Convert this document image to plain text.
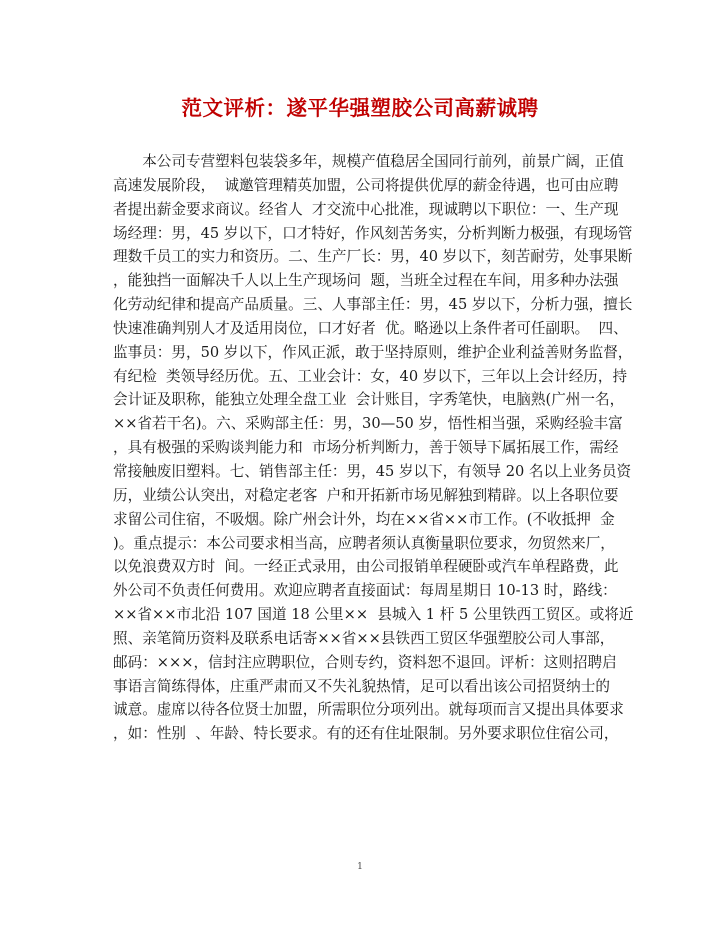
范文评析：遂平华强塑胶公司高薪诚聘
　　本公司专营塑料包装袋多年，规模产值稳居全国同行前列，前景广阔，正值
高速发展阶段，  诚邀管理精英加盟，公司将提供优厚的薪金待遇，也可由应聘
者提出薪金要求商议。经省人  才交流中心批准，现诚聘以下职位：一、生产现
场经理：男，45 岁以下，口才特好，作风刻苦务实，分析判断力极强，有现场管
理数千员工的实力和资历。二、生产厂长：男，40 岁以下，刻苦耐劳，处事果断
，能独挡一面解决千人以上生产现场问  题，当班全过程在车间，用多种办法强
化劳动纪律和提高产品质量。三、人事部主任：男，45 岁以下，分析力强，擅长
快速准确判别人才及适用岗位，口才好者  优。略逊以上条件者可任副职。  四、
监事员：男，50 岁以下，作风正派，敢于坚持原则，维护企业利益善财务监督，
有纪检  类领导经历优。五、工业会计：女，40 岁以下，三年以上会计经历，持
会计证及职称，能独立处理全盘工业  会计账目，字秀笔快，电脑熟(广州一名，
××省若干名)。六、采购部主任：男，30—50 岁，悟性相当强，采购经验丰富
，具有极强的采购谈判能力和  市场分析判断力，善于领导下属拓展工作，需经
常接触废旧塑料。七、销售部主任：男，45 岁以下，有领导 20 名以上业务员资
历，业绩公认突出，对稳定老客  户和开拓新市场见解独到精辟。以上各职位要
求留公司住宿，不吸烟。除广州会计外，均在××省××市工作。(不收抵押  金
)。重点提示：本公司要求相当高，应聘者须认真衡量职位要求，勿贸然来厂，
以免浪费双方时  间。一经正式录用，由公司报销单程硬卧或汽车单程路费，此
外公司不负责任何费用。欢迎应聘者直接面试：每周星期日 10-13 时，路线：
××省××市北沿 107 国道 18 公里××  县城入 1 杆 5 公里铁西工贸区。或将近
照、亲笔简历资料及联系电话寄××省××县铁西工贸区华强塑胶公司人事部，
邮码：×××，信封注应聘职位，合则专约，资料恕不退回。评析：这则招聘启
事语言简练得体，庄重严肃而又不失礼貌热情，足可以看出该公司招贤纳士的
诚意。虚席以待各位贤士加盟，所需职位分项列出。就每项而言又提出具体要求
，如：性别  、年龄、特长要求。有的还有住址限制。另外要求职位住宿公司，
1
